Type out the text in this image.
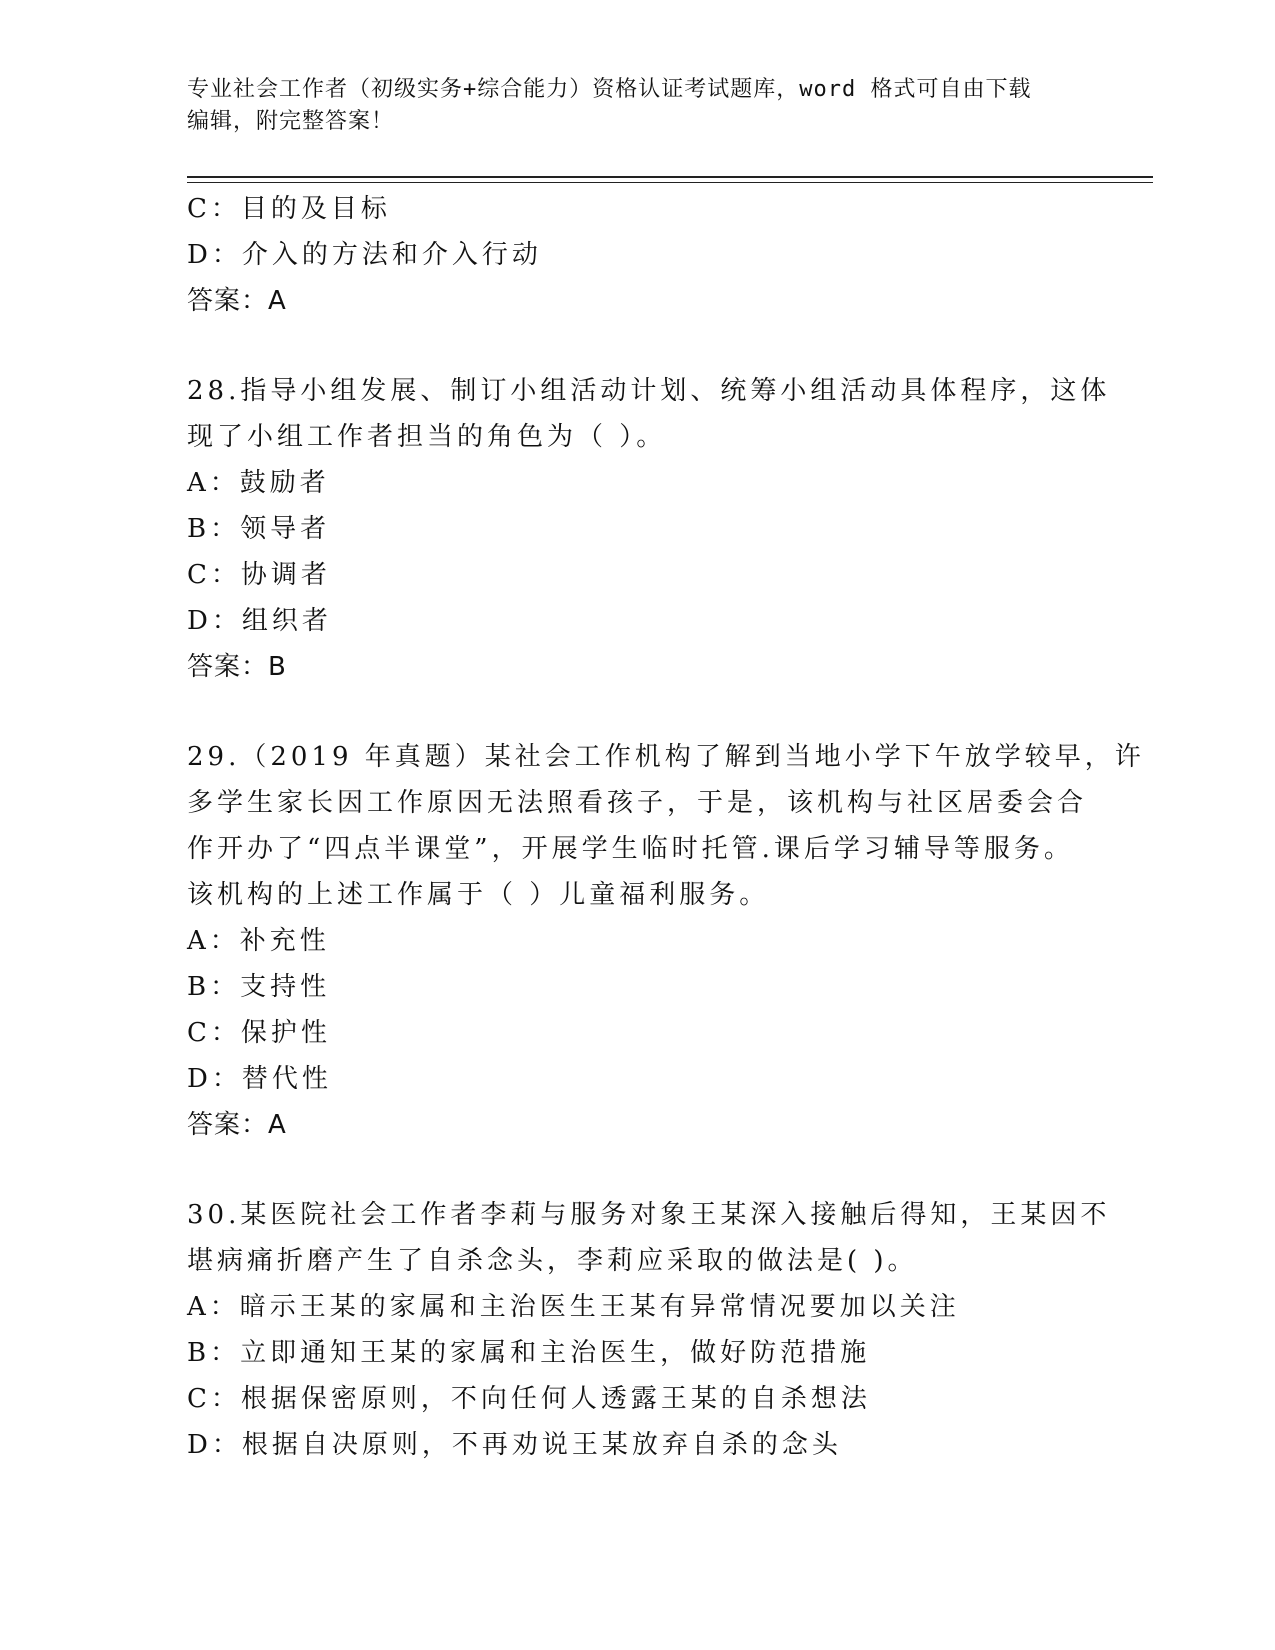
专业社会工作者（初级实务+综合能力）资格认证考试题库，word 格式可自由下载
编辑，附完整答案！
C：目的及目标
D：介入的方法和介入行动
答案：A
28.指导小组发展、制订小组活动计划、统筹小组活动具体程序，这体
现了小组工作者担当的角色为（ ）。
A：鼓励者
B：领导者
C：协调者
D：组织者
答案：B
29.（2019 年真题）某社会工作机构了解到当地小学下午放学较早，许
多学生家长因工作原因无法照看孩子，于是，该机构与社区居委会合
作开办了“四点半课堂”，开展学生临时托管.课后学习辅导等服务。
该机构的上述工作属于（ ）儿童福利服务。
A：补充性
B：支持性
C：保护性
D：替代性
答案：A
30.某医院社会工作者李莉与服务对象王某深入接触后得知，王某因不
堪病痛折磨产生了自杀念头，李莉应采取的做法是( )。
A：暗示王某的家属和主治医生王某有异常情况要加以关注
B：立即通知王某的家属和主治医生，做好防范措施
C：根据保密原则，不向任何人透露王某的自杀想法
D：根据自决原则，不再劝说王某放弃自杀的念头
